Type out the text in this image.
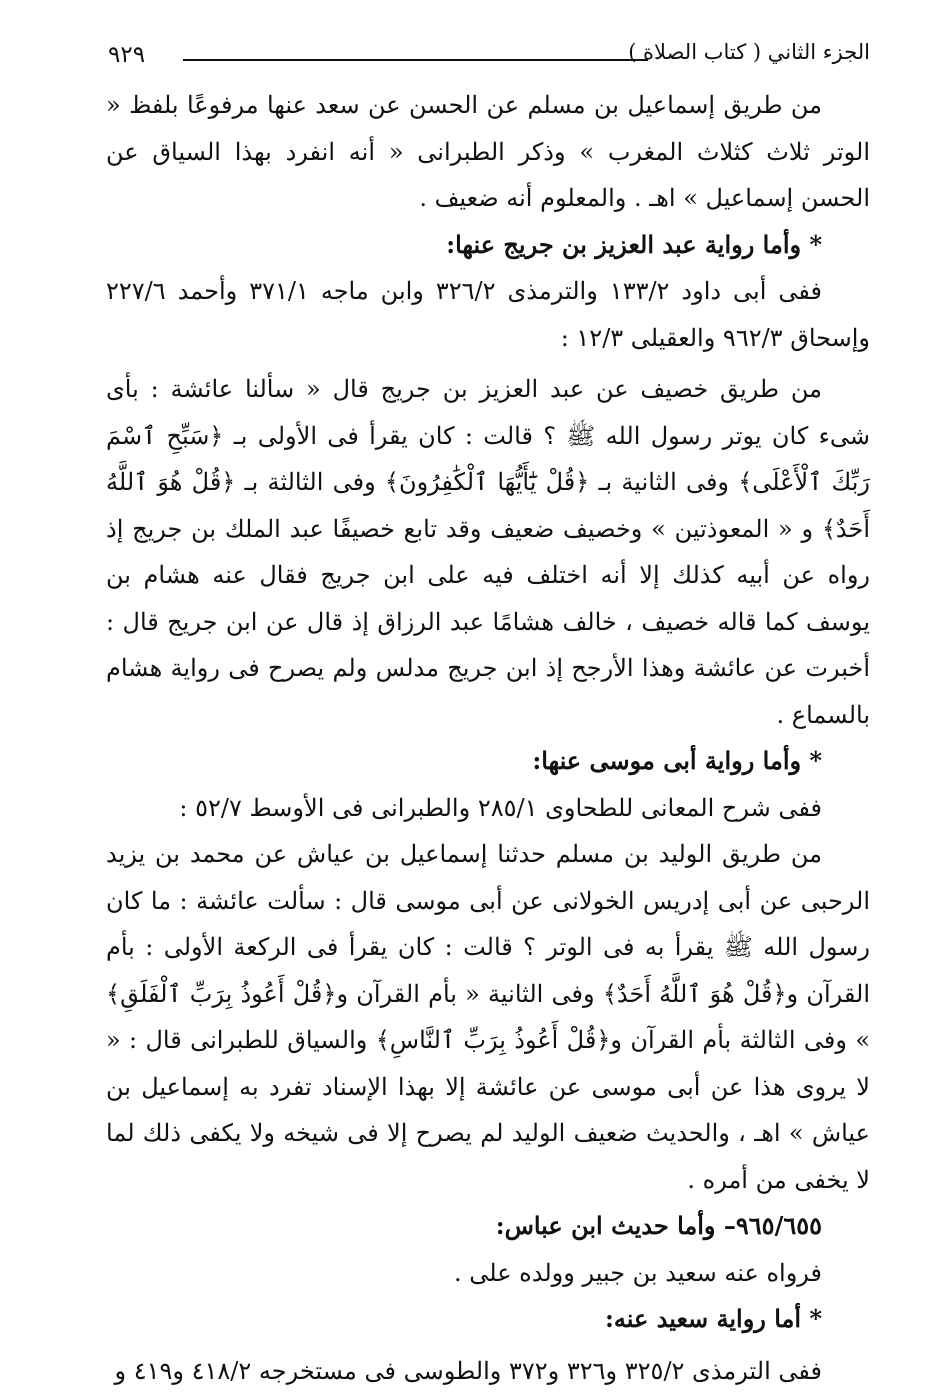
٩٢٩	الجزء الثاني ( كتاب الصلاة )

من طريق إسماعيل بن مسلم عن الحسن عن سعد عنها مرفوعًا بلفظ « الوتر ثلاث كثلاث المغرب » وذكر الطبرانى « أنه انفرد بهذا السياق عن الحسن إسماعيل » اهـ . والمعلوم أنه ضعيف .

* وأما رواية عبد العزيز بن جريج عنها:

ففى أبى داود ١٣٣/٢ والترمذى ٣٢٦/٢ وابن ماجه ٣٧١/١ وأحمد ٢٢٧/٦ وإسحاق ٩٦٢/٣ والعقيلى ١٢/٣ :

من طريق خصيف عن عبد العزيز بن جريج قال « سألنا عائشة : بأى شىء كان يوتر رسول الله ﷺ ؟ قالت : كان يقرأ فى الأولى بـ ﴿سَبِّحِ ٱسْمَ رَبِّكَ ٱلْأَعْلَى﴾ وفى الثانية بـ ﴿قُلْ يَٰٓأَيُّهَا ٱلْكَٰفِرُونَ﴾ وفى الثالثة بـ ﴿قُلْ هُوَ ٱللَّهُ أَحَدٌ﴾ و « المعوذتين » وخصيف ضعيف وقد تابع خصيفًا عبد الملك بن جريج إذ رواه عن أبيه كذلك إلا أنه اختلف فيه على ابن جريج فقال عنه هشام بن يوسف كما قاله خصيف ، خالف هشامًا عبد الرزاق إذ قال عن ابن جريج قال : أخبرت عن عائشة وهذا الأرجح إذ ابن جريج مدلس ولم يصرح فى رواية هشام بالسماع .

* وأما رواية أبى موسى عنها:

ففى شرح المعانى للطحاوى ٢٨٥/١ والطبرانى فى الأوسط ٥٢/٧ :

من طريق الوليد بن مسلم حدثنا إسماعيل بن عياش عن محمد بن يزيد الرحبى عن أبى إدريس الخولانى عن أبى موسى قال : سألت عائشة : ما كان رسول الله ﷺ يقرأ به فى الوتر ؟ قالت : كان يقرأ فى الركعة الأولى : بأم القرآن و﴿قُلْ هُوَ ٱللَّهُ أَحَدٌ﴾ وفى الثانية « بأم القرآن و﴿قُلْ أَعُوذُ بِرَبِّ ٱلْفَلَقِ﴾ » وفى الثالثة بأم القرآن و﴿قُلْ أَعُوذُ بِرَبِّ ٱلنَّاسِ﴾ والسياق للطبرانى قال : « لا يروى هذا عن أبى موسى عن عائشة إلا بهذا الإسناد تفرد به إسماعيل بن عياش » اهـ ، والحديث ضعيف الوليد لم يصرح إلا فى شيخه ولا يكفى ذلك لما لا يخفى من أمره .

٩٦٥/٦٥٥– وأما حديث ابن عباس:

فرواه عنه سعيد بن جبير وولده على .

* أما رواية سعيد عنه:

ففى الترمذى ٣٢٥/٢ و٣٢٦ و٣٧٢ والطوسى فى مستخرجه ٤١٨/٢ و٤١٩ و
